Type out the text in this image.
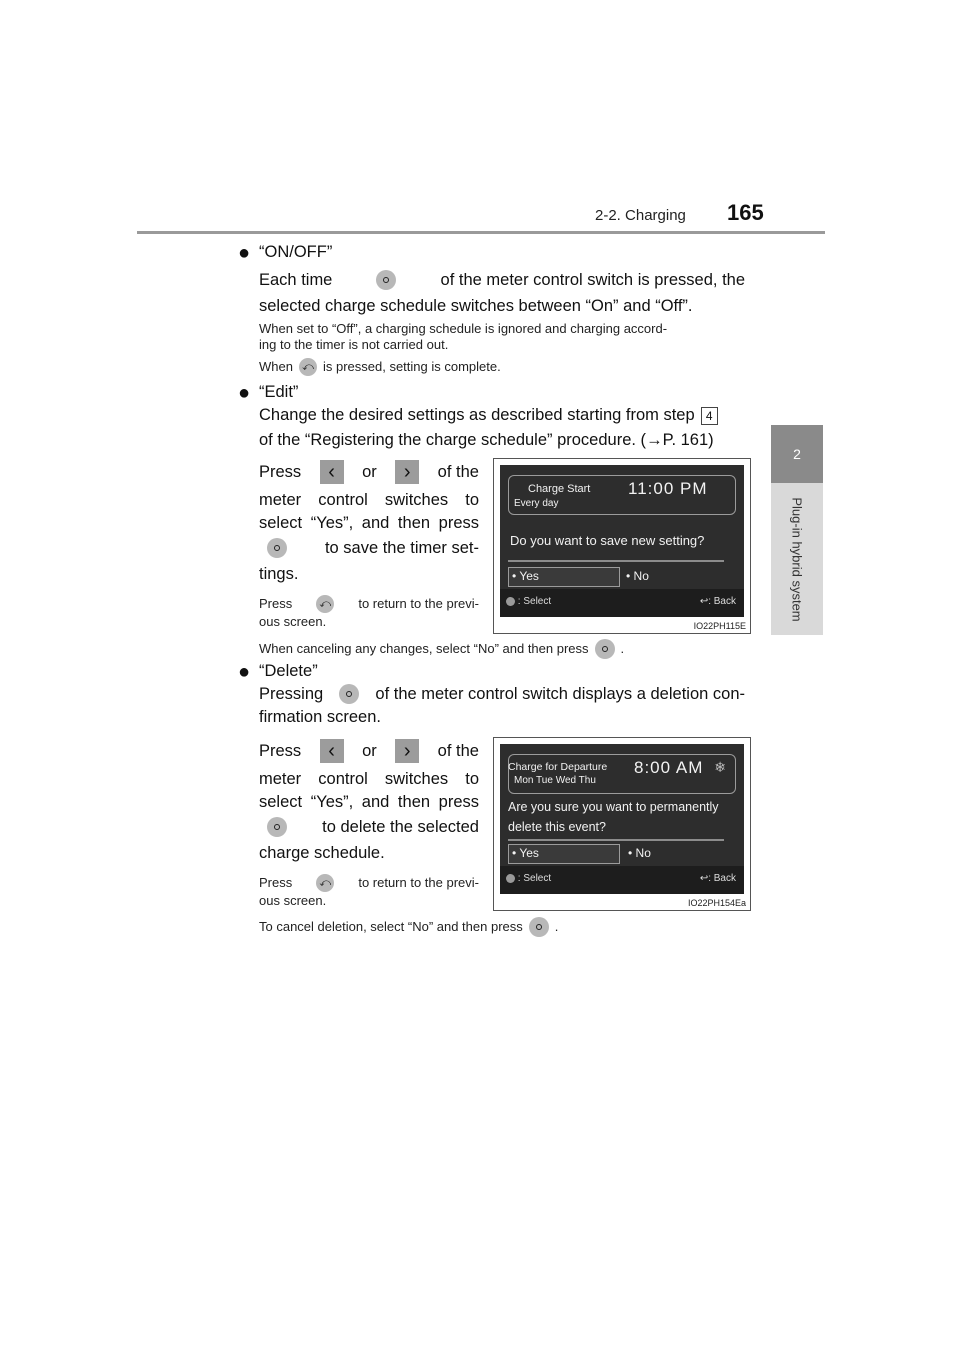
2-2. Charging 165
2
Plug-in hybrid system
● “ON/OFF”
Each time	of the meter control switch is pressed, the
selected charge schedule switches between “On” and “Off”.
When set to “Off”, a charging schedule is ignored and charging accord-
ing to the timer is not carried out.
When ⤺ is pressed, setting is complete.
● “Edit”
Change the desired settings as described starting from step 4
of the “Registering the charge schedule” procedure. (→P. 161)
Press	‹	or	›	of the
meter control switches to
select “Yes”, and then press
to save the timer set-
tings.
Press ⤺ to return to the previ-
ous screen.
When canceling any changes, select “No” and then press .
Charge Start
Every day
11:00 PM
Do you want to save new setting?
• Yes	• No
: Select	↩: Back
IO22PH115E
● “Delete”
Pressing	of the meter control switch displays a deletion con-
firmation screen.
Press	‹	or	›	of the
meter control switches to
select “Yes”, and then press
to delete the selected
charge schedule.
Press ⤺ to return to the previ-
ous screen.
To cancel deletion, select “No” and then press .
Charge for Departure
Mon Tue Wed Thu
8:00 AM ❄
Are you sure you want to permanently
delete this event?
• Yes	• No
: Select	↩: Back
IO22PH154Ea
